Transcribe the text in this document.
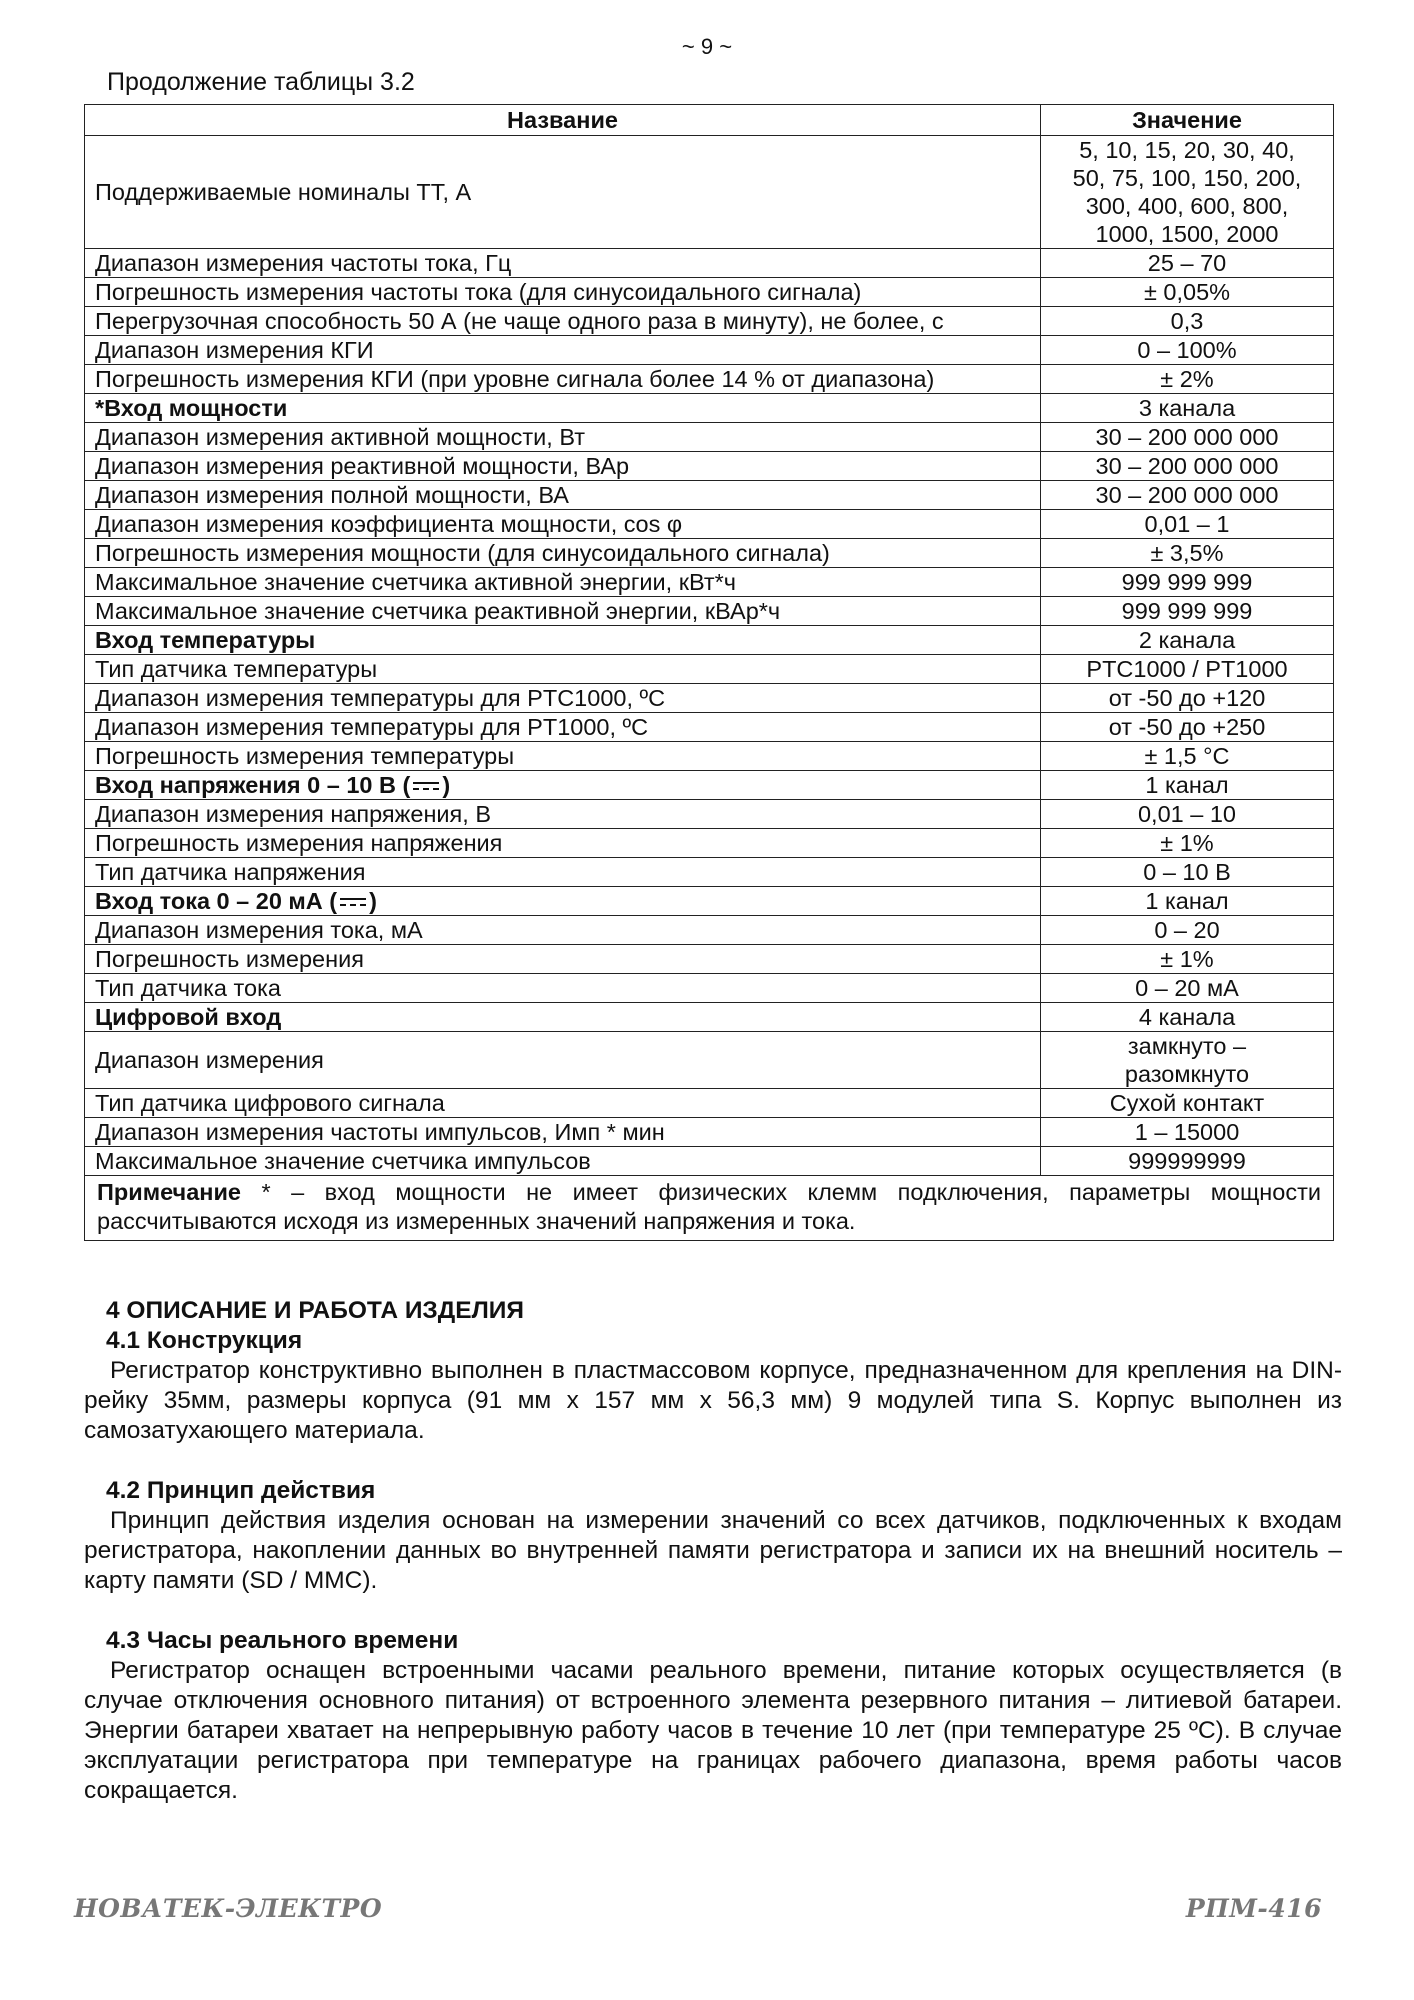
~ 9 ~
Продолжение таблицы 3.2
Название	Значение
Поддерживаемые номиналы ТТ, А	5, 10, 15, 20, 30, 40,
50, 75, 100, 150, 200,
300, 400, 600, 800,
1000, 1500, 2000

Диапазон измерения частоты тока, Гц	25 – 70
Погрешность измерения частоты тока (для синусоидального сигнала)	± 0,05%
Перегрузочная способность 50 А (не чаще одного раза в минуту), не более, с	0,3
Диапазон измерения КГИ	0 – 100%
Погрешность измерения КГИ (при уровне сигнала более 14 % от диапазона)	± 2%
*Вход мощности	3 канала
Диапазон измерения активной мощности, Вт	30 – 200 000 000
Диапазон измерения реактивной мощности, ВАр	30 – 200 000 000
Диапазон измерения полной мощности, ВА	30 – 200 000 000
Диапазон измерения коэффициента мощности, cos φ	0,01 – 1
Погрешность измерения мощности (для синусоидального сигнала)	± 3,5%
Максимальное значение счетчика активной энергии, кВт*ч	999 999 999
Максимальное значение счетчика реактивной энергии, кВАр*ч	999 999 999
Вход температуры	2 канала
Тип датчика температуры	PTC1000 / PT1000
Диапазон измерения температуры для PTC1000, ºС	от -50 до +120
Диапазон измерения температуры для PT1000, ºС	от -50 до +250
Погрешность измерения температуры	± 1,5 °С
Вход напряжения 0 – 10 В ( )	1 канал
Диапазон измерения напряжения, В	0,01 – 10
Погрешность измерения напряжения	± 1%
Тип датчика напряжения	0 – 10 В
Вход тока 0 – 20 мА ( )	1 канал
Диапазон измерения тока, мА	0 – 20
Погрешность измерения	± 1%
Тип датчика тока	0 – 20 мА
Цифровой вход	4 канала
Диапазон измерения	замкнуто –
разомкнуто

Тип датчика цифрового сигнала	Сухой контакт
Диапазон измерения частоты импульсов, Имп * мин	1 – 15000
Максимальное значение счетчика импульсов	999999999
Примечание * – вход мощности не имеет физических клемм подключения, параметры мощности рассчитываются исходя из измеренных значений напряжения и тока.	
4 ОПИСАНИЕ И РАБОТА ИЗДЕЛИЯ
4.1 Конструкция

Регистратор конструктивно выполнен в пластмассовом корпусе, предназначенном для крепления на DIN-рейку 35мм, размеры корпуса (91 мм х 157 мм х 56,3 мм) 9 модулей типа S. Корпус выполнен из самозатухающего материала.

4.2 Принцип действия

Принцип действия изделия основан на измерении значений со всех датчиков, подключенных к входам регистратора, накоплении данных во внутренней памяти регистратора и записи их на внешний носитель – карту памяти (SD / MMC).

4.3 Часы реального времени

Регистратор оснащен встроенными часами реального времени, питание которых осуществляется (в случае отключения основного питания) от встроенного элемента резервного питания – литиевой батареи. Энергии батареи хватает на непрерывную работу часов в течение 10 лет (при температуре 25 ºС). В случае эксплуатации регистратора при температуре на границах рабочего диапазона, время работы часов сокращается.

НОВАТЕК-ЭЛЕКТРО	РПМ-416
